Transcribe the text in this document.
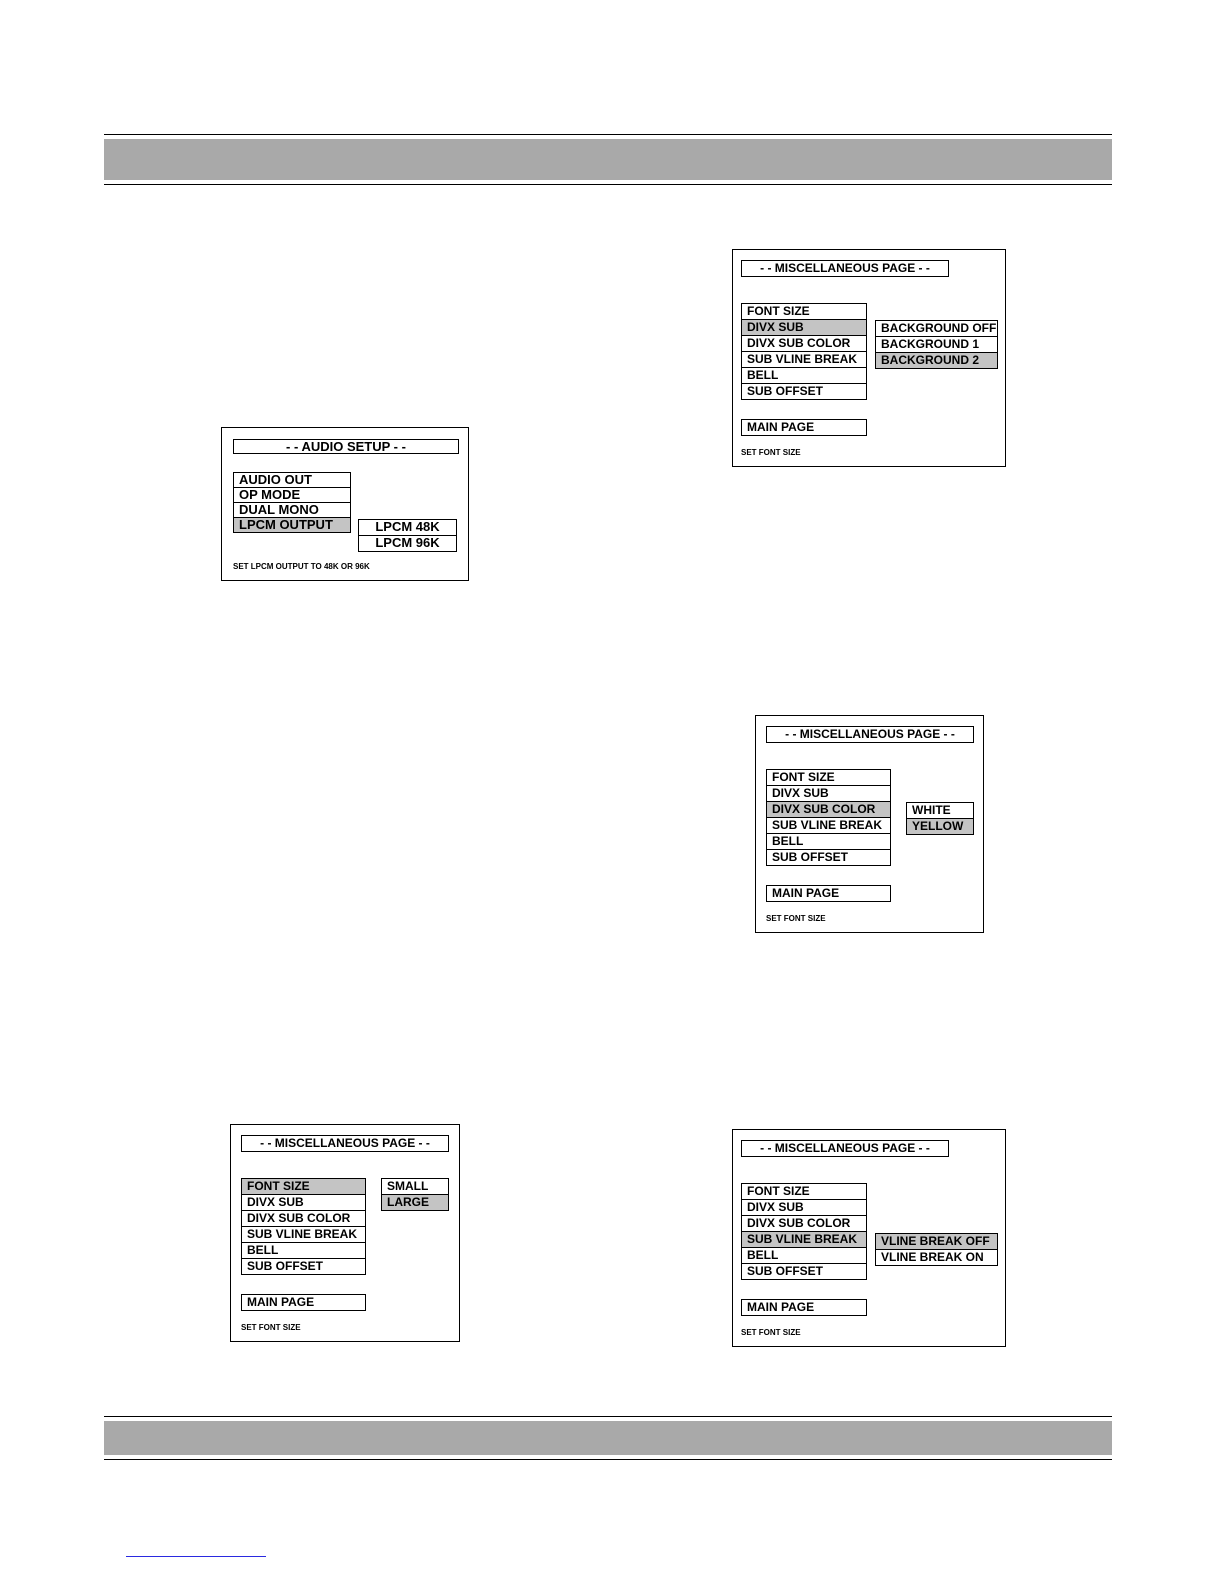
- - AUDIO SETUP - -
AUDIO OUT
OP MODE
DUAL MONO
LPCM OUTPUT	LPCM 48K
LPCM 96K
SET LPCM OUTPUT TO 48K OR 96K
- - MISCELLANEOUS PAGE - -
FONT SIZE
DIVX SUB
DIVX SUB COLOR
SUB VLINE BREAK
BELL
SUB OFFSET
BACKGROUND OFF
BACKGROUND 1
BACKGROUND 2
MAIN PAGE
SET FONT SIZE
- - MISCELLANEOUS PAGE - -
FONT SIZE
DIVX SUB
DIVX SUB COLOR
SUB VLINE BREAK
BELL
SUB OFFSET
WHITE
YELLOW
MAIN PAGE
SET FONT SIZE
- - MISCELLANEOUS PAGE - -
FONT SIZE
DIVX SUB
DIVX SUB COLOR
SUB VLINE BREAK
BELL
SUB OFFSET
SMALL
LARGE
MAIN PAGE
SET FONT SIZE
- - MISCELLANEOUS PAGE - -
FONT SIZE
DIVX SUB
DIVX SUB COLOR
SUB VLINE BREAK
BELL
SUB OFFSET
VLINE BREAK OFF
VLINE BREAK ON
MAIN PAGE
SET FONT SIZE
